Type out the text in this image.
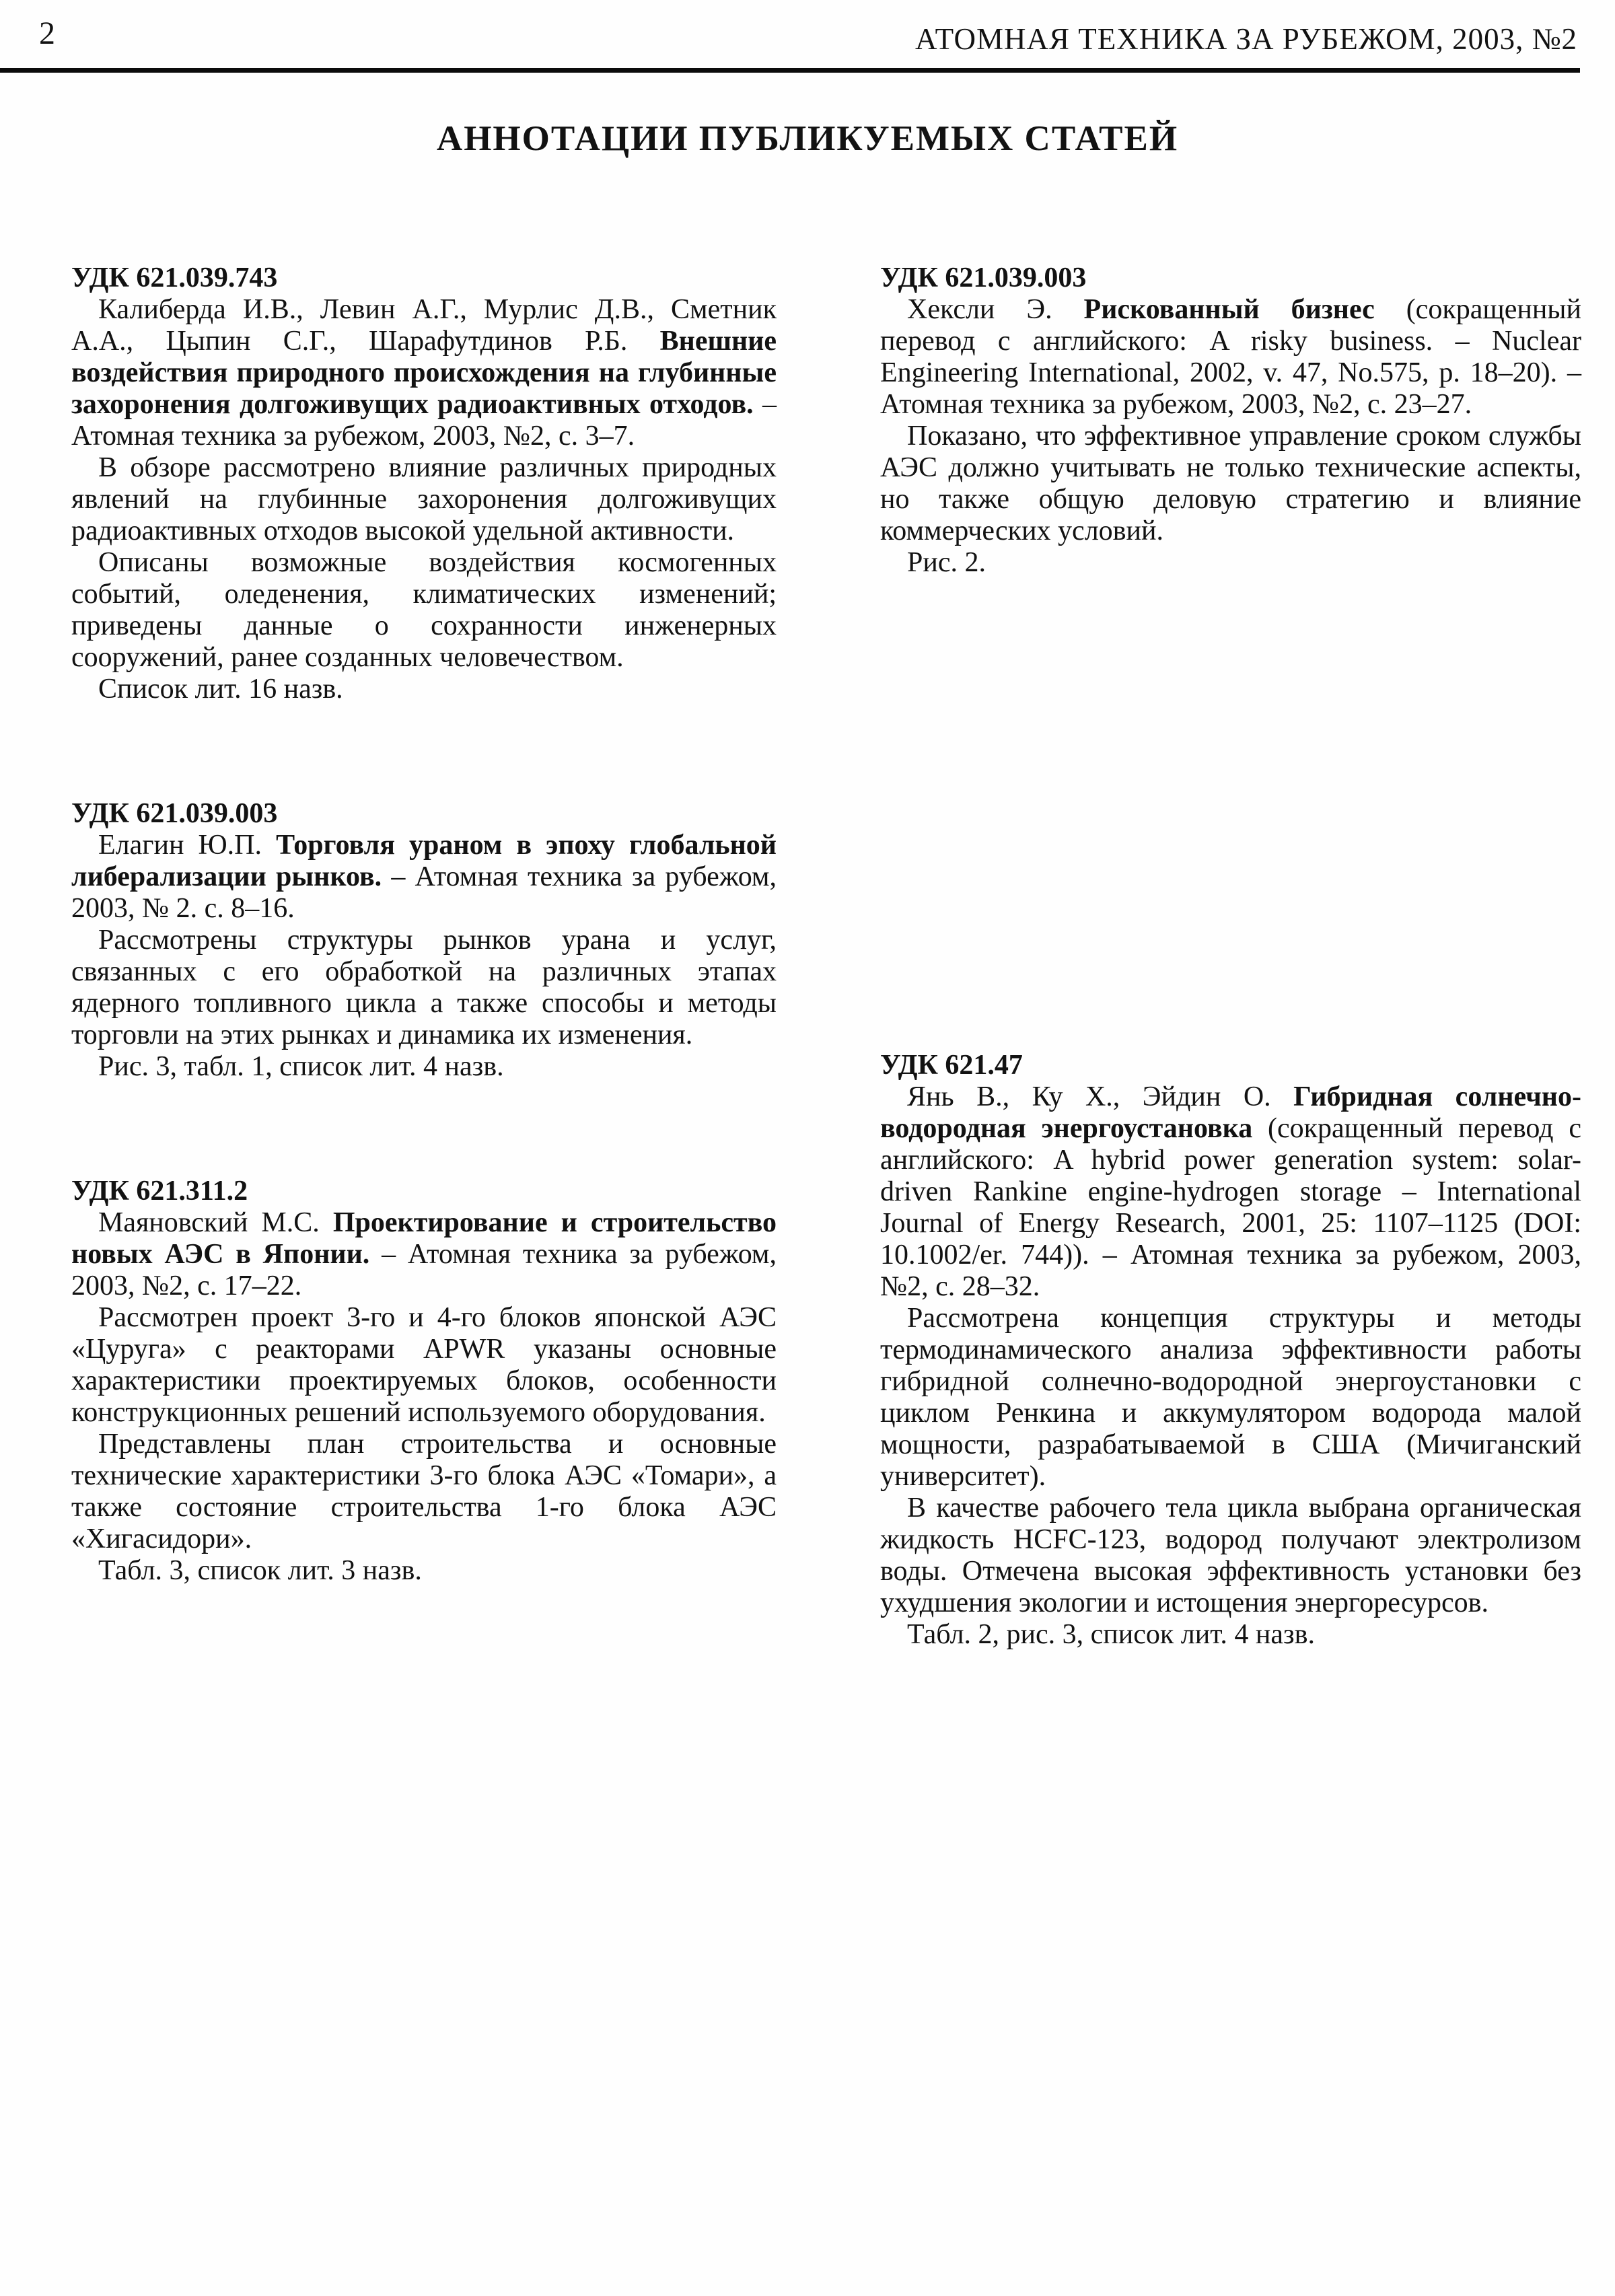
2	АТОМНАЯ ТЕХНИКА ЗА РУБЕЖОМ, 2003, №2
АННОТАЦИИ ПУБЛИКУЕМЫХ СТАТЕЙ
УДК 621.039.743

Калиберда И.В., Левин А.Г., Мурлис Д.В., Сметник А.А., Цыпин С.Г., Шарафутдинов Р.Б. Внешние воздействия природного происхождения на глубинные захоронения долгоживущих радиоактивных отходов. – Атомная техника за рубежом, 2003, №2, с. 3–7.

В обзоре рассмотрено влияние различных природных явлений на глубинные захоронения долгоживущих радиоактивных отходов высокой удельной активности.

Описаны возможные воздействия космогенных событий, оледенения, климатических изменений; приведены данные о сохранности инженерных сооружений, ранее созданных человечеством.

Список лит. 16 назв.

УДК 621.039.003

Елагин Ю.П. Торговля ураном в эпоху глобальной либерализации рынков. – Атомная техника за рубежом, 2003, № 2. с. 8–16.

Рассмотрены структуры рынков урана и услуг, связанных с его обработкой на различных этапах ядерного топливного цикла а также способы и методы торговли на этих рынках и динамика их изменения.

Рис. 3, табл. 1, список лит. 4 назв.

УДК 621.311.2

Маяновский М.С. Проектирование и строительство новых АЭС в Японии. – Атомная техника за рубежом, 2003, №2, с. 17–22.

Рассмотрен проект 3-го и 4-го блоков японской АЭС «Цуруга» с реакторами APWR указаны основные характеристики проектируемых блоков, особенности конструкционных решений используемого оборудования.

Представлены план строительства и основные технические характеристики 3-го блока АЭС «Томари», а также состояние строительства 1-го блока АЭС «Хигасидори».

Табл. 3, список лит. 3 назв.

УДК 621.039.003

Хексли Э. Рискованный бизнес (сокращенный перевод с английского: A risky business. – Nuclear Engineering International, 2002, v. 47, No.575, p. 18–20). – Атомная техника за рубежом, 2003, №2, с. 23–27.

Показано, что эффективное управление сроком службы АЭС должно учитывать не только технические аспекты, но также общую деловую стратегию и влияние коммерческих условий.

Рис. 2.

УДК 621.47

Янь В., Ку Х., Эйдин О. Гибридная солнечно-водородная энергоустановка (сокращенный перевод с английского: A hybrid power generation system: solar-driven Rankine engine-hydrogen storage – International Journal of Energy Research, 2001, 25: 1107–1125 (DOI: 10.1002/er. 744)). – Атомная техника за рубежом, 2003, №2, с. 28–32.

Рассмотрена концепция структуры и методы термодинамического анализа эффективности работы гибридной солнечно-водородной энергоустановки с циклом Ренкина и аккумулятором водорода малой мощности, разрабатываемой в США (Мичиганский университет).

В качестве рабочего тела цикла выбрана органическая жидкость HCFC-123, водород получают электролизом воды. Отмечена высокая эффективность установки без ухудшения экологии и истощения энергоресурсов.

Табл. 2, рис. 3, список лит. 4 назв.
